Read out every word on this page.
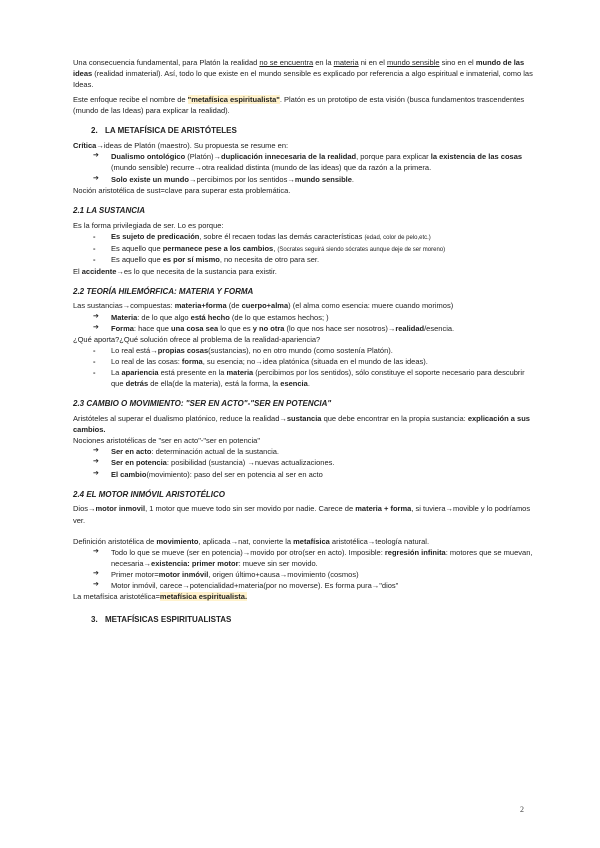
Una consecuencia fundamental, para Platón la realidad no se encuentra en la materia ni en el mundo sensible sino en el mundo de las ideas (realidad inmaterial). Así, todo lo que existe en el mundo sensible es explicado por referencia a algo espiritual e inmaterial, como las Ideas.

Este enfoque recibe el nombre de "metafísica espiritualista". Platón es un prototipo de esta visión (busca fundamentos trascendentes (mundo de las Ideas) para explicar la realidad).

2. LA METAFÍSICA DE ARISTÓTELES

Crítica→ideas de Platón (maestro). Su propuesta se resume en:

➔ Dualismo ontológico (Platón)→duplicación innecesaria de la realidad, porque para explicar la existencia de las cosas (mundo sensible) recurre→otra realidad distinta (mundo de las ideas) que da razón a la primera.
➔ Solo existe un mundo→percibimos por los sentidos→mundo sensible.

Noción aristotélica de sust=clave para superar esta problemática.

2.1 LA SUSTANCIA

Es la forma privilegiada de ser. Lo es porque:

- Es sujeto de predicación, sobre él recaen todas las demás características (edad, color de pelo,etc.)
- Es aquello que permanece pese a los cambios, (Socrates seguirá siendo sócrates aunque deje de ser moreno)
- Es aquello que es por sí mismo, no necesita de otro para ser.

El accidente→es lo que necesita de la sustancia para existir.

2.2 TEORÍA HILEMÓRFICA: MATERIA Y FORMA

Las sustancias→compuestas: materia+forma (de cuerpo+alma) (el alma como esencia: muere cuando morimos)

➔ Materia: de lo que algo está hecho (de lo que estamos hechos; )
➔ Forma: hace que una cosa sea lo que es y no otra (lo que nos hace ser nosotros)→realidad/esencia.

¿Qué aporta?¿Qué solución ofrece al problema de la realidad-apariencia?

- Lo real está→propias cosas(sustancias), no en otro mundo (como sostenía Platón).
- Lo real de las cosas: forma, su esencia; no→idea platónica (situada en el mundo de las ideas).
- La apariencia está presente en la materia (percibimos por los sentidos), sólo constituye el soporte necesario para descubrir que detrás de ella(de la materia), está la forma, la esencia.
2.3 CAMBIO O MOVIMIENTO: "SER EN ACTO"-"SER EN POTENCIA"

Aristóteles al superar el dualismo platónico, reduce la realidad→sustancia que debe encontrar en la propia sustancia: explicación a sus cambios.

Nociones aristotélicas de "ser en acto"-"ser en potencia"

➔ Ser en acto: determinación actual de la sustancia.
➔ Ser en potencia: posibilidad (sustancia) →nuevas actualizaciones.
➔ El cambio(movimiento): paso del ser en potencia al ser en acto
2.4 EL MOTOR INMÓVIL ARISTOTÉLICO

Dios→motor inmovil, 1 motor que mueve todo sin ser movido por nadie. Carece de materia + forma, si tuviera→movible y lo podríamos ver.

Definición aristotélica de movimiento, aplicada→nat, convierte la metafísica aristotélica→teología natural.

➔ Todo lo que se mueve (ser en potencia)→movido por otro(ser en acto). Imposible: regresión infinita: motores que se muevan, necesaria→existencia: primer motor: mueve sin ser movido.
➔ Primer motor=motor inmóvil, origen último+causa→movimiento (cosmos)
➔ Motor inmóvil, carece→potencialidad+materia(por no moverse). Es forma pura→"dios"

La metafísica aristotélica=metafísica espiritualista.

3. METAFÍSICAS ESPIRITUALISTAS
2
